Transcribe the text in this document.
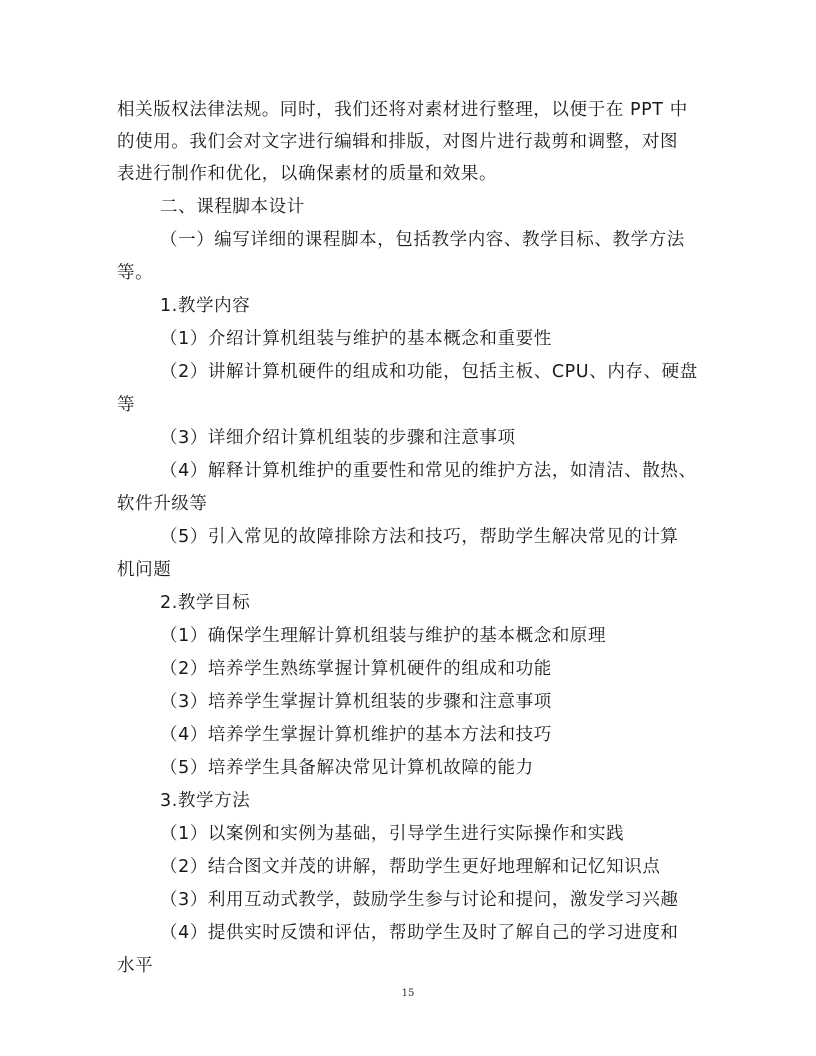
相关版权法律法规。同时，我们还将对素材进行整理，以便于在 PPT 中
的使用。我们会对文字进行编辑和排版，对图片进行裁剪和调整，对图
表进行制作和优化，以确保素材的质量和效果。
二、课程脚本设计
（一）编写详细的课程脚本，包括教学内容、教学目标、教学方法
等。
1.教学内容
（1）介绍计算机组装与维护的基本概念和重要性
（2）讲解计算机硬件的组成和功能，包括主板、CPU、内存、硬盘
等
（3）详细介绍计算机组装的步骤和注意事项
（4）解释计算机维护的重要性和常见的维护方法，如清洁、散热、
软件升级等
（5）引入常见的故障排除方法和技巧，帮助学生解决常见的计算
机问题
2.教学目标
（1）确保学生理解计算机组装与维护的基本概念和原理
（2）培养学生熟练掌握计算机硬件的组成和功能
（3）培养学生掌握计算机组装的步骤和注意事项
（4）培养学生掌握计算机维护的基本方法和技巧
（5）培养学生具备解决常见计算机故障的能力
3.教学方法
（1）以案例和实例为基础，引导学生进行实际操作和实践
（2）结合图文并茂的讲解，帮助学生更好地理解和记忆知识点
（3）利用互动式教学，鼓励学生参与讨论和提问，激发学习兴趣
（4）提供实时反馈和评估，帮助学生及时了解自己的学习进度和
水平
15
